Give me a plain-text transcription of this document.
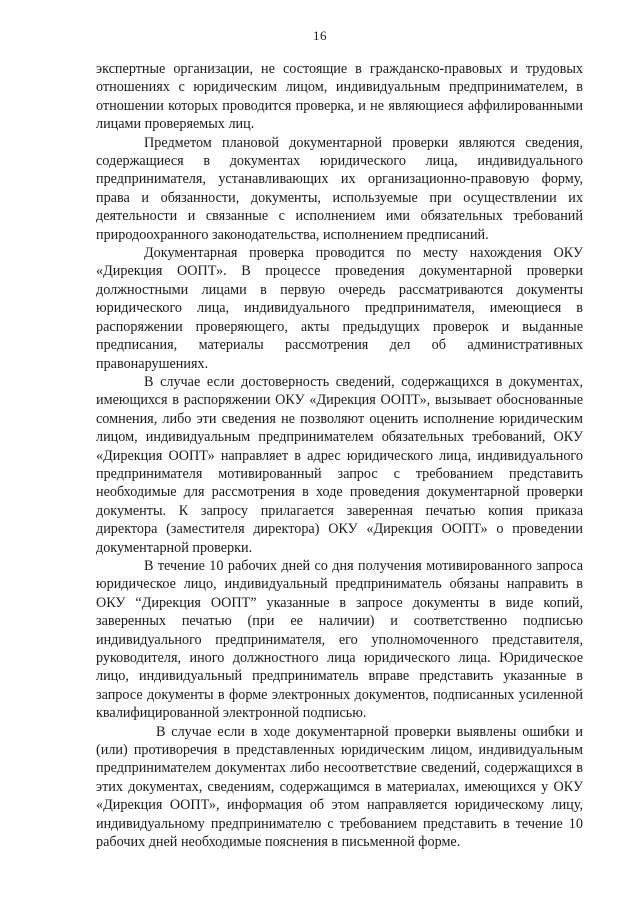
16

экспертные организации, не состоящие в гражданско-правовых и трудовых отношениях с юридическим лицом, индивидуальным предпринимателем, в отношении которых проводится проверка, и не являющиеся аффилированными лицами проверяемых лиц.

Предметом плановой документарной проверки являются сведения, содержащиеся в документах юридического лица, индивидуального предпринимателя, устанавливающих их организационно-правовую форму, права и обязанности, документы, используемые при осуществлении их деятельности и связанные с исполнением ими обязательных требований природоохранного законодательства, исполнением предписаний.

Документарная проверка проводится по месту нахождения ОКУ «Дирекция ООПТ». В процессе проведения документарной проверки должностными лицами в первую очередь рассматриваются документы юридического лица, индивидуального предпринимателя, имеющиеся в распоряжении проверяющего, акты предыдущих проверок и выданные предписания, материалы рассмотрения дел об административных правонарушениях.

В случае если достоверность сведений, содержащихся в документах, имеющихся в распоряжении ОКУ «Дирекция ООПТ», вызывает обоснованные сомнения, либо эти сведения не позволяют оценить исполнение юридическим лицом, индивидуальным предпринимателем обязательных требований, ОКУ «Дирекция ООПТ» направляет в адрес юридического лица, индивидуального предпринимателя мотивированный запрос с требованием представить необходимые для рассмотрения в ходе проведения документарной проверки документы. К запросу прилагается заверенная печатью копия приказа директора (заместителя директора) ОКУ «Дирекция ООПТ» о проведении документарной проверки.

В течение 10 рабочих дней со дня получения мотивированного запроса юридическое лицо, индивидуальный предприниматель обязаны направить в ОКУ “Дирекция ООПТ” указанные в запросе документы в виде копий, заверенных печатью (при ее наличии) и соответственно подписью индивидуального предпринимателя, его уполномоченного представителя, руководителя, иного должностного лица юридического лица. Юридическое лицо, индивидуальный предприниматель вправе представить указанные в запросе документы в форме электронных документов, подписанных усиленной квалифицированной электронной подписью.

В случае если в ходе документарной проверки выявлены ошибки и (или) противоречия в представленных юридическим лицом, индивидуальным предпринимателем документах либо несоответствие сведений, содержащихся в этих документах, сведениям, содержащимся в материалах, имеющихся у ОКУ «Дирекция ООПТ», информация об этом направляется юридическому лицу, индивидуальному предпринимателю с требованием представить в течение 10 рабочих дней необходимые пояснения в письменной форме.
